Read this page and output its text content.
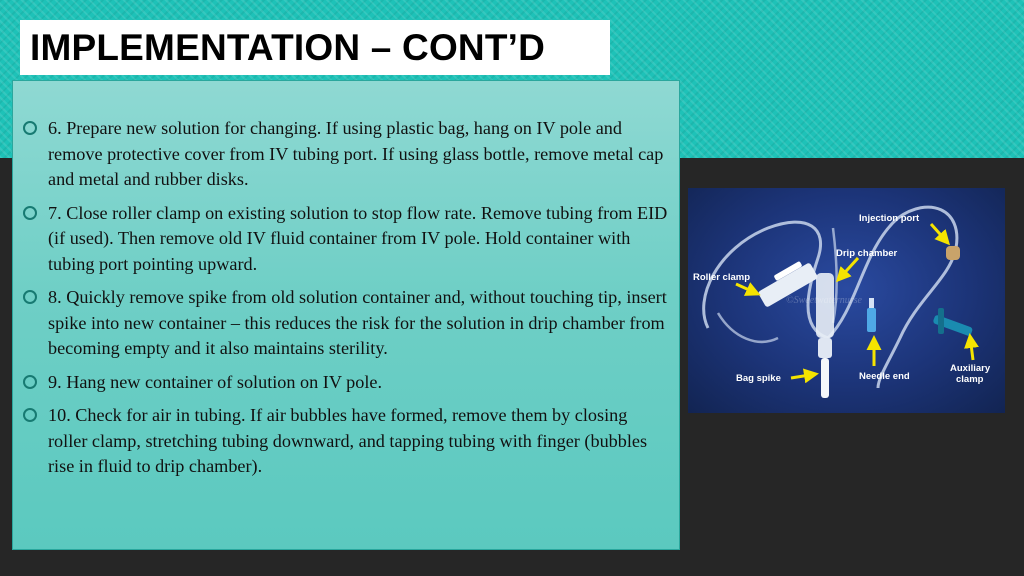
IMPLEMENTATION – CONT’D
6. Prepare new solution for changing. If using plastic bag, hang on IV pole and remove protective cover from IV tubing port. If using glass bottle, remove metal cap and metal and rubber disks.
7. Close roller clamp on existing solution to stop flow rate. Remove tubing from EID (if used). Then remove old IV fluid container from IV pole. Hold container with tubing port pointing upward.
8. Quickly remove spike from old solution container and, without touching tip, insert spike into new container – this reduces the risk for the solution in drip chamber from becoming empty and it also maintains sterility.
9. Hang new container of solution on IV pole.
10. Check for air in tubing. If air bubbles have formed, remove them by closing roller clamp, stretching tubing downward, and tapping tubing with finger (bubbles rise in fluid to drip chamber).
Injection port
Drip chamber
Roller clamp
Bag spike	Needle end
Auxiliary
clamp
©Sweetwaternurse
